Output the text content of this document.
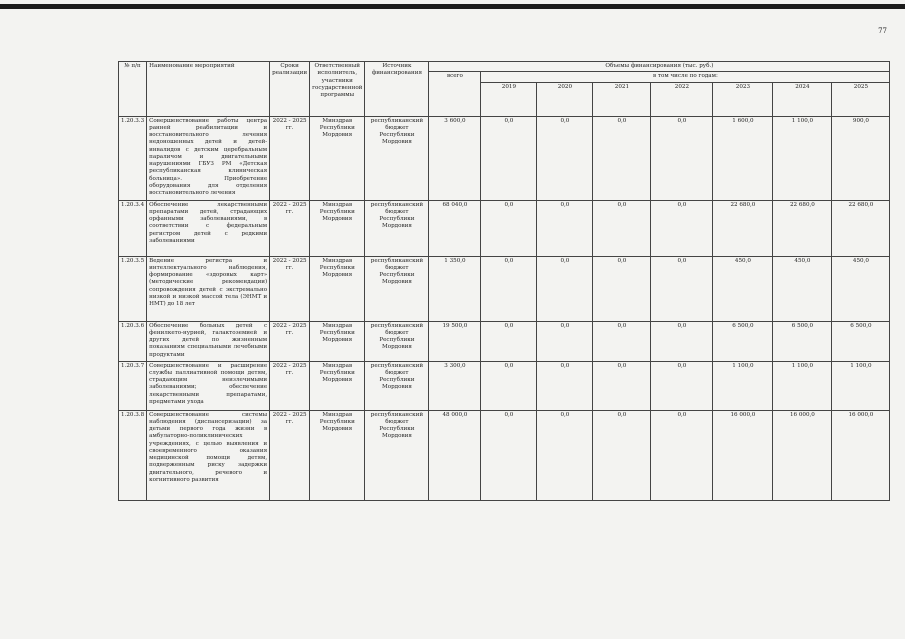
77
№ п/п	Наименование мероприятий	Сроки реализации	Ответственный исполнитель, участники государственной программы	Источник финансирования	Объемы финансирования (тыс. руб.)							
					всего	в том числе по годам:						
						2019	2020	2021	2022	2023	2024	2025
1.20.3.3	Совершенствование работы центра ранней реабилитации и восстановительного лечения недоношенных детей и детей-инвалидов с детским церебральным параличом и двигательными нарушениями ГБУЗ РМ «Детская республиканская клиническая больница». Приобретение оборудования для отделения восстановительного лечения	2022 - 2025 гг.	Минздрав Республики Мордовия	республиканский бюджет Республики Мордовия	3 600,0	0,0	0,0	0,0	0,0	1 600,0	1 100,0	900,0
1.20.3.4	Обеспечение лекарственными препаратами детей, страдающих орфанными заболеваниями, в соответствии с федеральным регистром детей с редкими заболеваниями	2022 - 2025 гг.	Минздрав Республики Мордовия	республиканский бюджет Республики Мордовия	68 040,0	0,0	0,0	0,0	0,0	22 680,0	22 680,0	22 680,0
1.20.3.5	Ведение регистра и интеллектуального наблюдения, формирование «здоровых карт» (методические рекомендации) сопровождения детей с экстремально низкой и низкой массой тела (ЭНМТ и НМТ) до 18 лет	2022 - 2025 гг.	Минздрав Республики Мордовия	республиканский бюджет Республики Мордовия	1 350,0	0,0	0,0	0,0	0,0	450,0	450,0	450,0
1.20.3.6	Обеспечение больных детей с фенилкето-нурией, галактоземией и других детей по жизненным показаниям специальными лечебными продуктами	2022 - 2025 гг.	Минздрав Республики Мордовия	республиканский бюджет Республики Мордовия	19 500,0	0,0	0,0	0,0	0,0	6 500,0	6 500,0	6 500,0
1.20.3.7	Совершенствование и расширение службы паллиативной помощи детям, страдающим неизлечимыми заболеваниями; обеспечение лекарственными препаратами, предметами ухода	2022 - 2025 гг.	Минздрав Республики Мордовия	республиканский бюджет Республики Мордовия	3 300,0	0,0	0,0	0,0	0,0	1 100,0	1 100,0	1 100,0
1.20.3.8	Совершенствование системы наблюдения (диспансеризации) за детьми первого года жизни в амбулаторно-поликлинических учреждениях, с целью выявления и своевременного оказания медицинской помощи детям, подверженным риску задержки двигательного, речевого и когнитивного развития	2022 - 2025 гг.	Минздрав Республики Мордовия	республиканский бюджет Республики Мордовия	48 000,0	0,0	0,0	0,0	0,0	16 000,0	16 000,0	16 000,0
